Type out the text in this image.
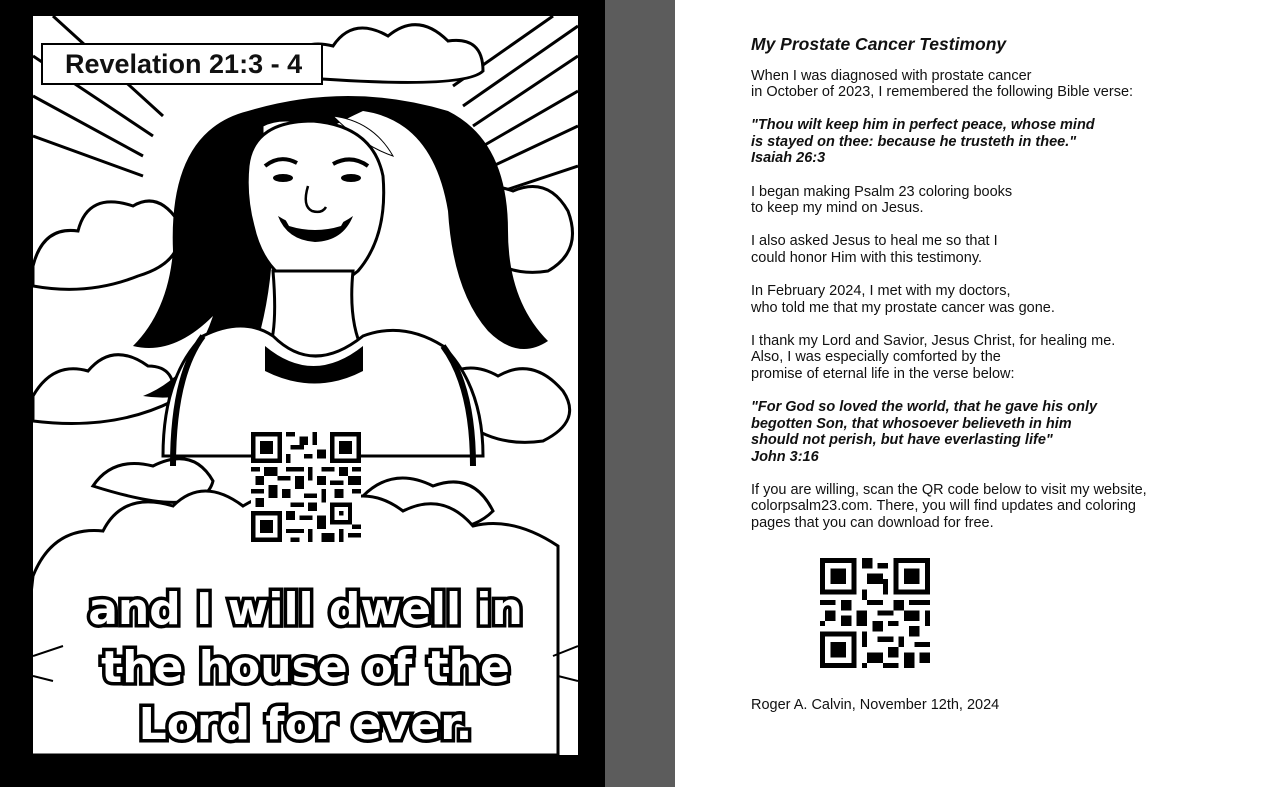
Revelation 21:3 - 4
and I will dwell in
the house of the
Lord for ever.
My Prostate Cancer Testimony
When I was diagnosed with prostate cancer
in October of 2023, I remembered the following Bible verse:
"Thou wilt keep him in perfect peace, whose mind
is stayed on thee: because he trusteth in thee."
Isaiah 26:3
I began making Psalm 23 coloring books
to keep my mind on Jesus.
I also asked Jesus to heal me so that I
could honor Him with this testimony.
In February 2024, I met with my doctors,
who told me that my prostate cancer was gone.
I thank my Lord and Savior, Jesus Christ, for healing me.
Also, I was especially comforted by the
promise of eternal life in the verse below:
"For God so loved the world, that he gave his only
begotten Son, that whosoever believeth in him
should not perish, but have everlasting life"
John 3:16
If you are willing, scan the QR code below to visit my website,
colorpsalm23.com. There, you will find updates and coloring
pages that you can download for free.
Roger A. Calvin, November 12th, 2024
